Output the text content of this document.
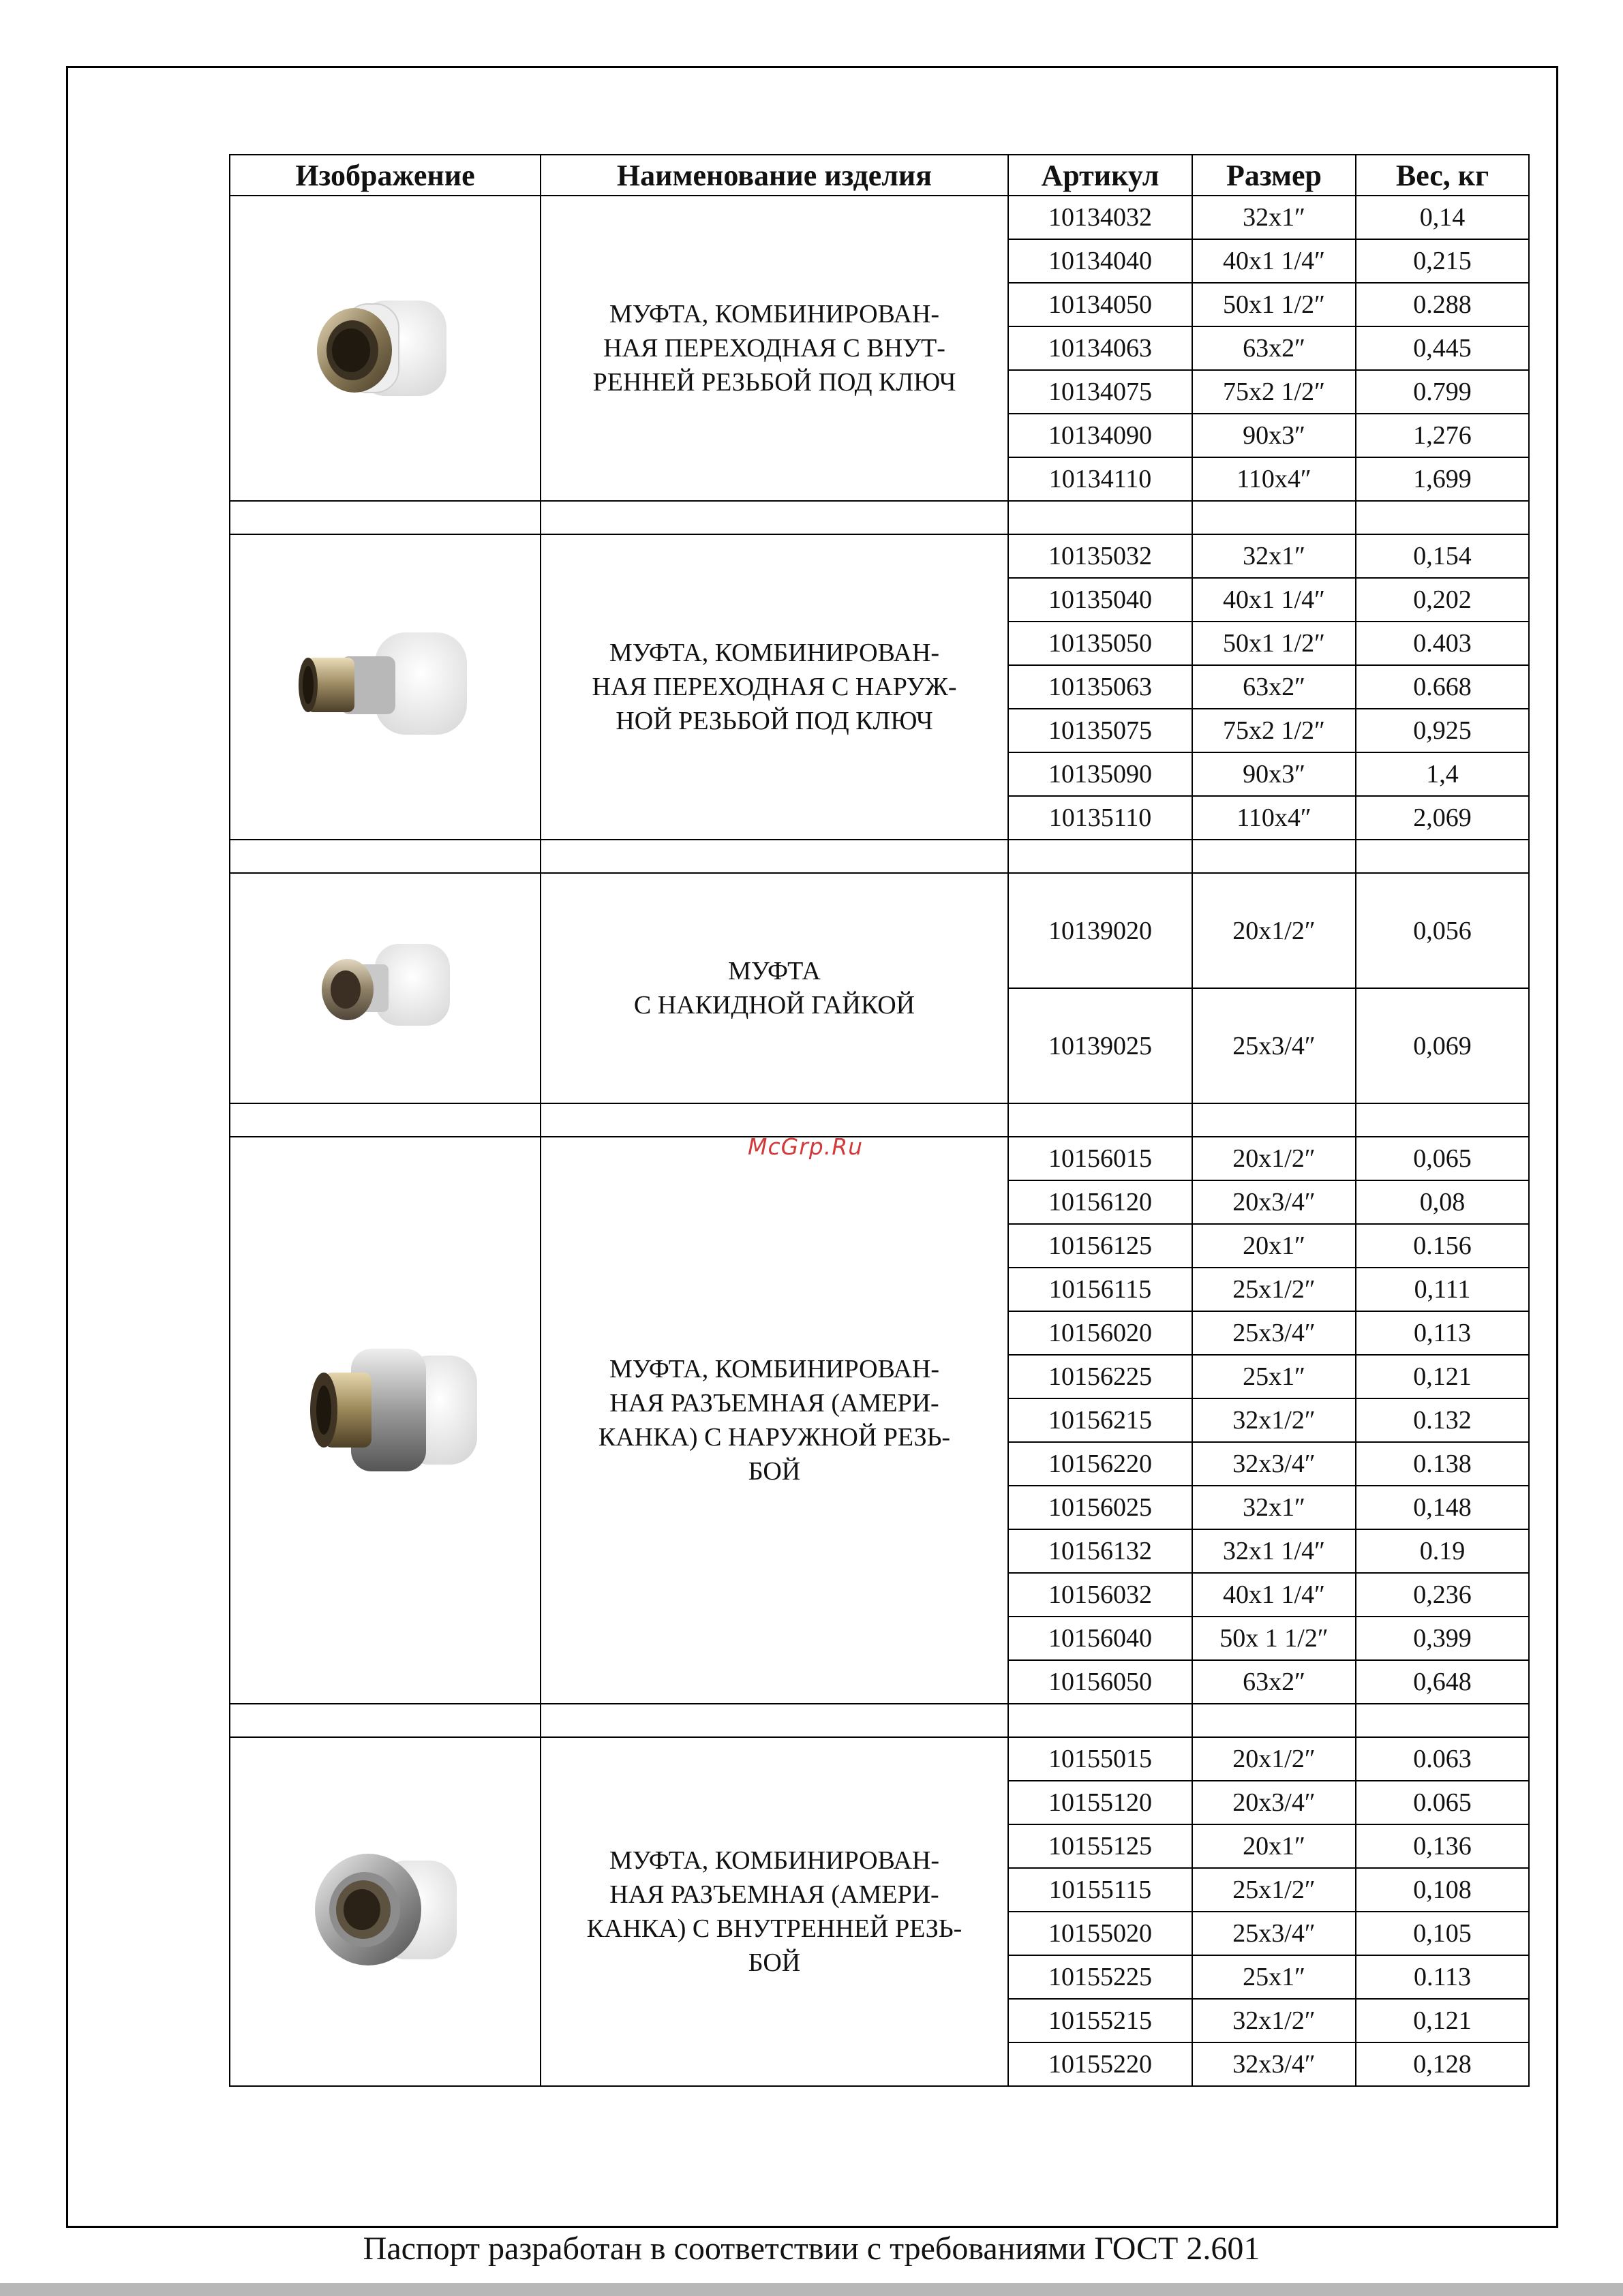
Изображение	Наименование изделия	Артикул	Размер	Вес, кг
	МУФТА, КОМБИНИРОВАН-
НАЯ ПЕРЕХОДНАЯ С ВНУТ-
РЕННЕЙ РЕЗЬБОЙ ПОД КЛЮЧ	10134032	32x1″	0,14
		10134040	40x1 1/4″	0,215
		10134050	50x1 1/2″	0.288
		10134063	63x2″	0,445
		10134075	75x2 1/2″	0.799
		10134090	90x3″	1,276
		10134110	110x4″	1,699

	МУФТА, КОМБИНИРОВАН-
НАЯ ПЕРЕХОДНАЯ С НАРУЖ-
НОЙ РЕЗЬБОЙ ПОД КЛЮЧ	10135032	32x1″	0,154
		10135040	40x1 1/4″	0,202
		10135050	50x1 1/2″	0.403
		10135063	63x2″	0.668
		10135075	75x2 1/2″	0,925
		10135090	90x3″	1,4
		10135110	110x4″	2,069

	МУФТА
С НАКИДНОЙ ГАЙКОЙ	10139020	20x1/2″	0,056
		10139025	25x3/4″	0,069

	МУФТА, КОМБИНИРОВАН-
НАЯ РАЗЪЕМНАЯ (АМЕРИ-
КАНКА) С НАРУЖНОЙ РЕЗЬ-
БОЙ	10156015	20x1/2″	0,065
		10156120	20x3/4″	0,08
		10156125	20x1″	0.156
		10156115	25x1/2″	0,111
		10156020	25x3/4″	0,113
		10156225	25x1″	0,121
		10156215	32x1/2″	0.132
		10156220	32x3/4″	0.138
		10156025	32x1″	0,148
		10156132	32x1 1/4″	0.19
		10156032	40x1 1/4″	0,236
		10156040	50x 1 1/2″	0,399
		10156050	63x2″	0,648

	МУФТА, КОМБИНИРОВАН-
НАЯ РАЗЪЕМНАЯ (АМЕРИ-
КАНКА) С ВНУТРЕННЕЙ РЕЗЬ-
БОЙ	10155015	20x1/2″	0.063
		10155120	20x3/4″	0.065
		10155125	20x1″	0,136
		10155115	25x1/2″	0,108
		10155020	25x3/4″	0,105
		10155225	25x1″	0.113
		10155215	32x1/2″	0,121
		10155220	32x3/4″	0,128
McGrp.Ru
Паспорт разработан в соответствии с требованиями ГОСТ 2.601
